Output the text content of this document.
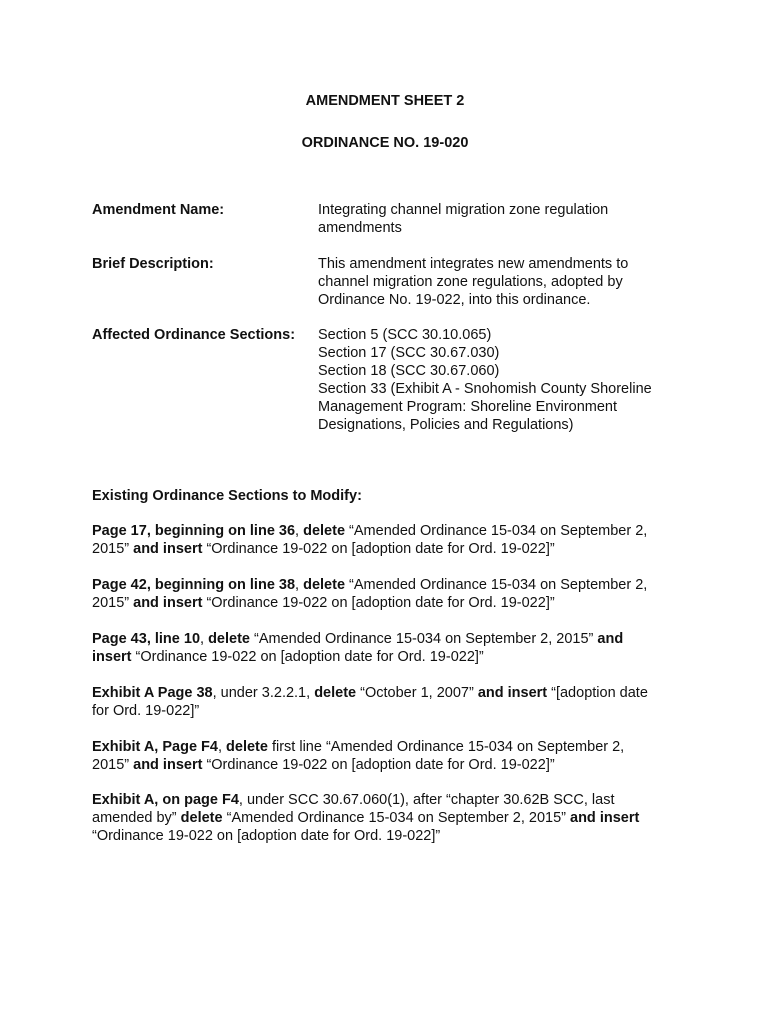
AMENDMENT SHEET 2
ORDINANCE NO. 19-020
Amendment Name:	Integrating channel migration zone regulation
amendments
Brief Description:	This amendment integrates new amendments to
channel migration zone regulations, adopted by
Ordinance No. 19-022, into this ordinance.
Affected Ordinance Sections: Section 5 (SCC 30.10.065)
Section 17 (SCC 30.67.030)
Section 18 (SCC 30.67.060)
Section 33 (Exhibit A - Snohomish County Shoreline
Management Program: Shoreline Environment
Designations, Policies and Regulations)
Existing Ordinance Sections to Modify:
Page 17, beginning on line 36, delete “Amended Ordinance 15-034 on September 2,
2015” and insert “Ordinance 19-022 on [adoption date for Ord. 19-022]”
Page 42, beginning on line 38, delete “Amended Ordinance 15-034 on September 2,
2015” and insert “Ordinance 19-022 on [adoption date for Ord. 19-022]”
Page 43, line 10, delete “Amended Ordinance 15-034 on September 2, 2015” and
insert “Ordinance 19-022 on [adoption date for Ord. 19-022]”
Exhibit A Page 38, under 3.2.2.1, delete “October 1, 2007” and insert “[adoption date
for Ord. 19-022]”
Exhibit A, Page F4, delete first line “Amended Ordinance 15-034 on September 2,
2015” and insert “Ordinance 19-022 on [adoption date for Ord. 19-022]”
Exhibit A, on page F4, under SCC 30.67.060(1), after “chapter 30.62B SCC, last
amended by” delete “Amended Ordinance 15-034 on September 2, 2015” and insert
“Ordinance 19-022 on [adoption date for Ord. 19-022]”
